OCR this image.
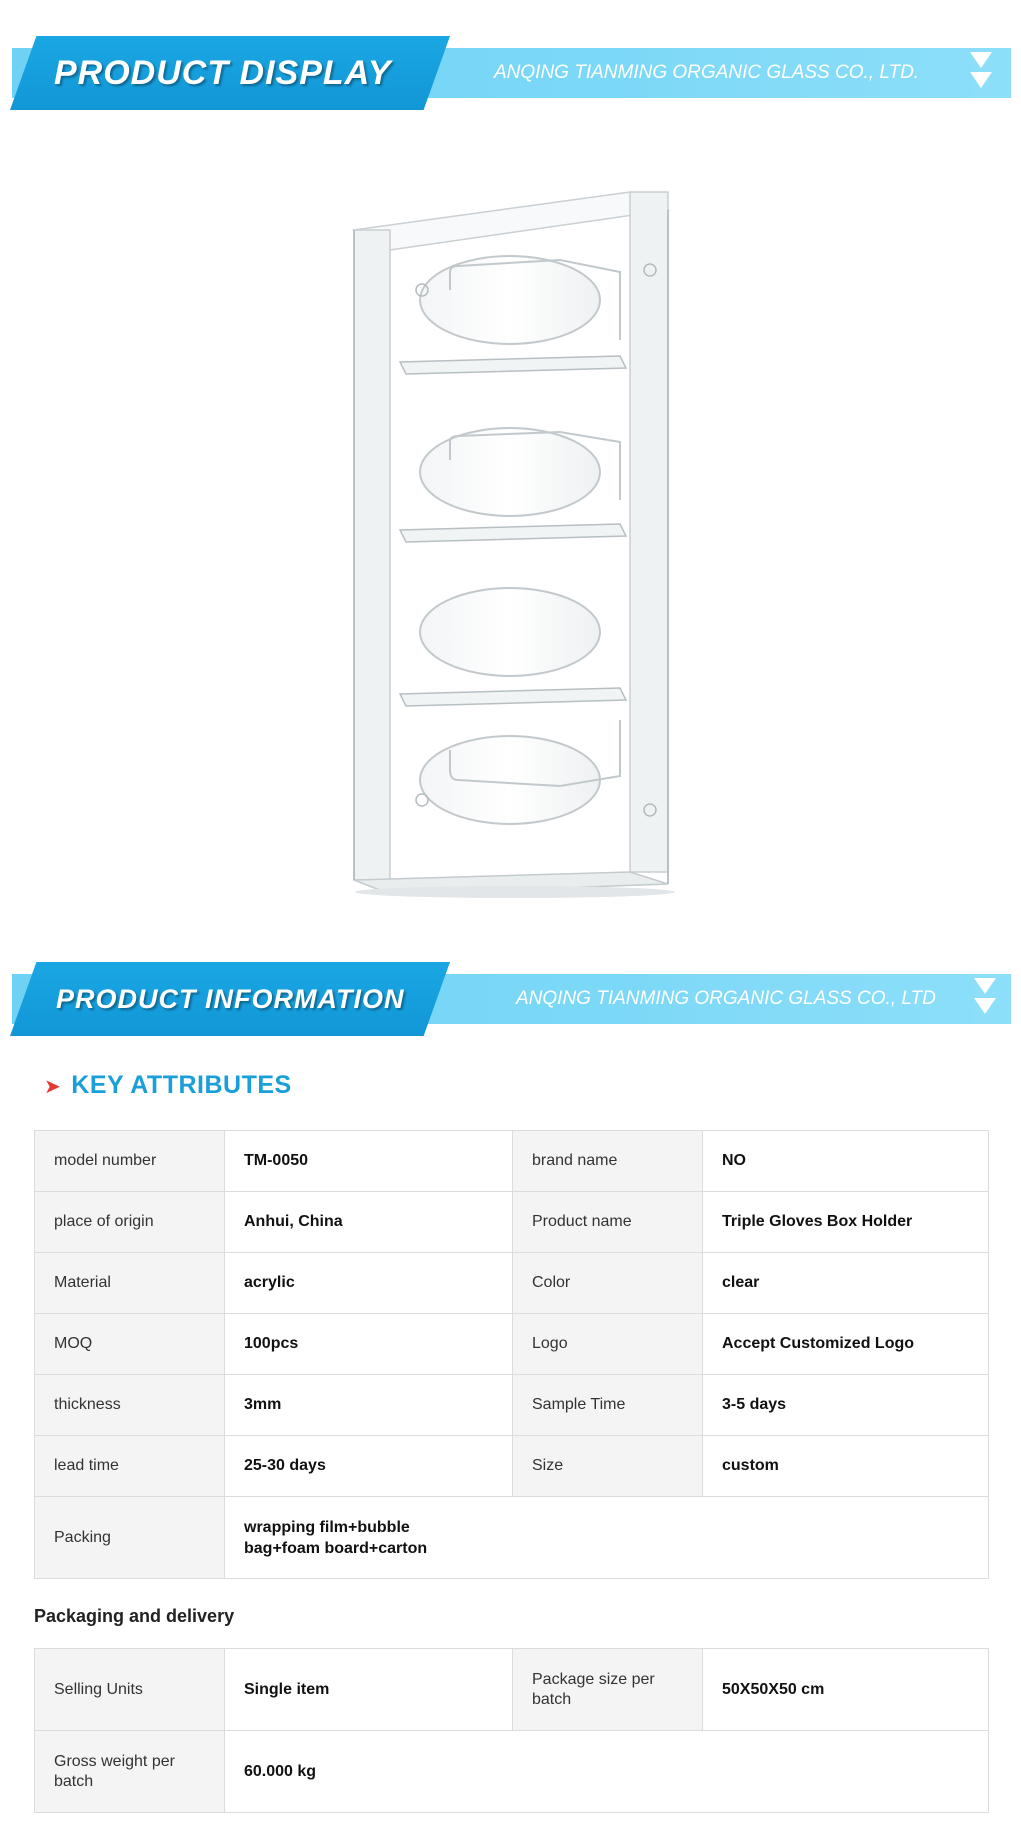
PRODUCT DISPLAY	ANQING TIANMING ORGANIC GLASS CO., LTD.
PRODUCT INFORMATION	ANQING TIANMING ORGANIC GLASS CO., LTD
➤ KEY ATTRIBUTES
model number	TM-0050	brand name	NO
place of origin	Anhui, China	Product name	Triple Gloves Box Holder
Material	acrylic	Color	clear
MOQ	100pcs	Logo	Accept Customized Logo
thickness	3mm	Sample Time	3-5 days
lead time	25-30 days	Size	custom
Packing	wrapping film+bubble bag+foam board+carton		
Packaging and delivery
Selling Units	Single item	Package size per batch	50X50X50 cm
Gross weight per batch	60.000 kg		
